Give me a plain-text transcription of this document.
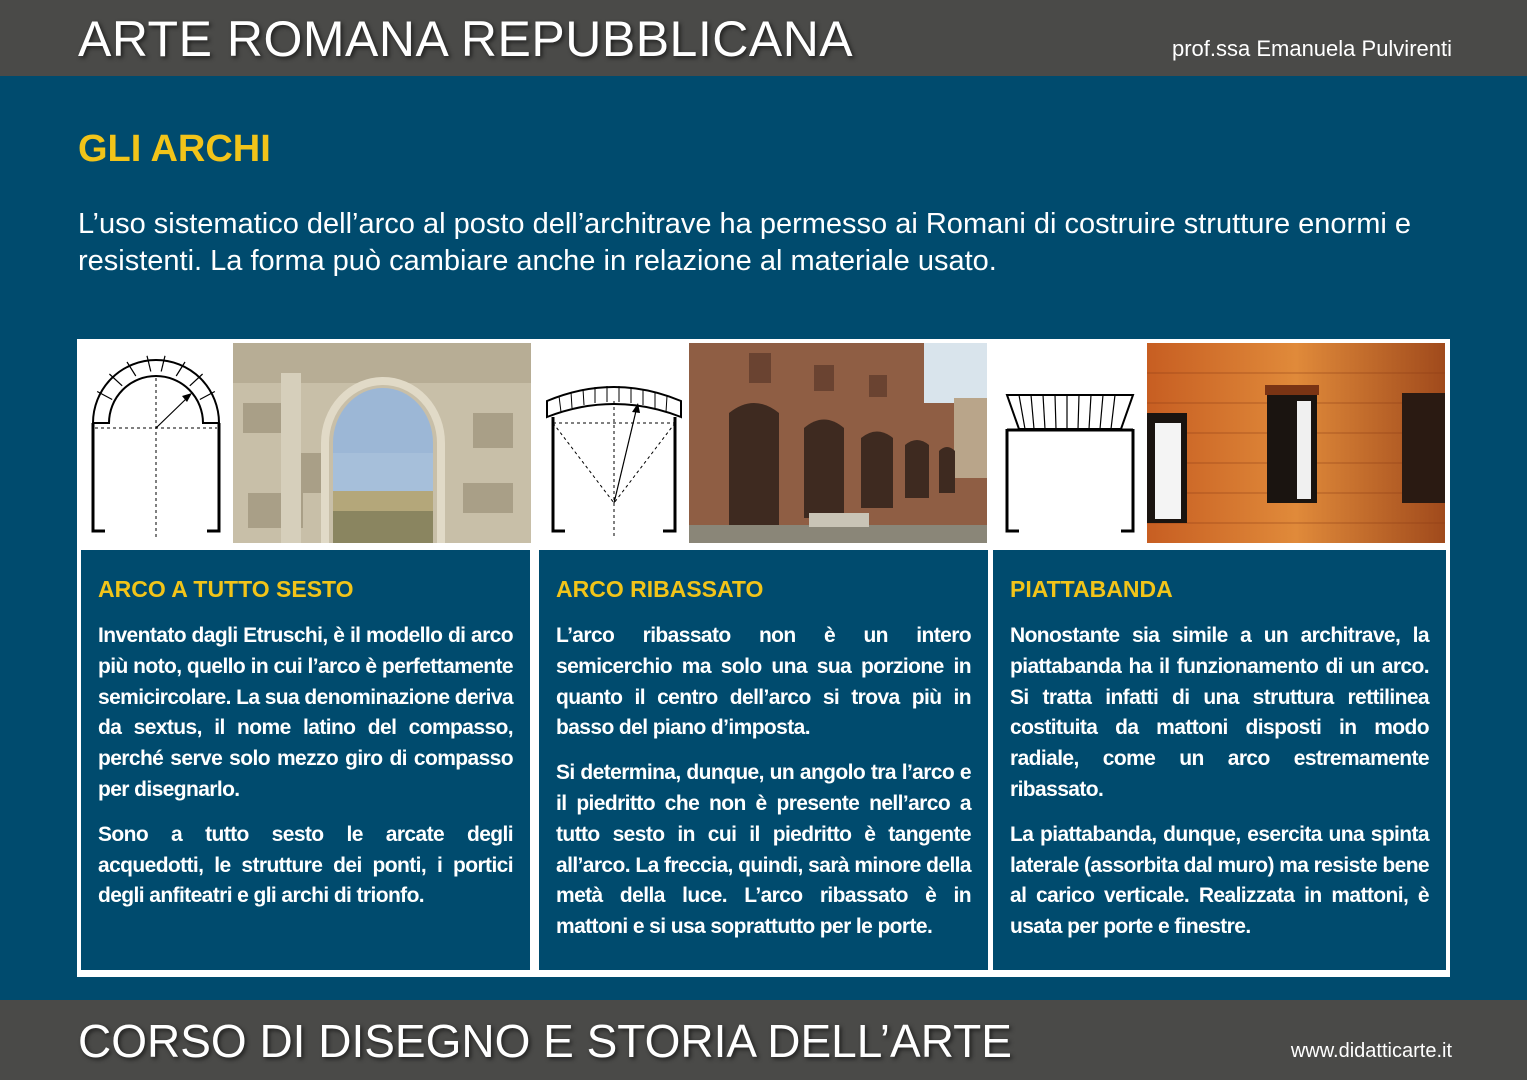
ARTE ROMANA REPUBBLICANA	prof.ssa Emanuela Pulvirenti
GLI ARCHI

L’uso sistematico dell’arco al posto dell’architrave ha permesso ai Romani di costruire strutture enormi e resistenti. La forma può cambiare anche in relazione al materiale usato.

ARCO A TUTTO SESTO

Inventato dagli Etruschi, è il modello di arco più noto, quello in cui l’arco è perfettamente semicircolare. La sua denominazione deriva da sextus, il nome latino del compasso, perché serve solo mezzo giro di compasso per disegnarlo.

Sono a tutto sesto le arcate degli acquedotti, le strutture dei ponti, i portici degli anfiteatri e gli archi di trionfo.

ARCO RIBASSATO

L’arco ribassato non è un intero semicerchio ma solo una sua porzione in quanto il centro dell’arco si trova più in basso del piano d’imposta.

Si determina, dunque, un angolo tra l’arco e il piedritto che non è presente nell’arco a tutto sesto in cui il piedritto è tangente all’arco. La freccia, quindi, sarà minore della metà della luce. L’arco ribassato è in mattoni e si usa soprattutto per le porte.

PIATTABANDA

Nonostante sia simile a un architrave, la piattabanda ha il funzionamento di un arco. Si tratta infatti di una struttura rettilinea costituita da mattoni disposti in modo radiale, come un arco estremamente ribassato.

La piattabanda, dunque, esercita una spinta laterale (assorbita dal muro) ma resiste bene al carico verticale. Realizzata in mattoni, è usata per porte e finestre.

CORSO DI DISEGNO E STORIA DELL’ARTE	www.didatticarte.it
